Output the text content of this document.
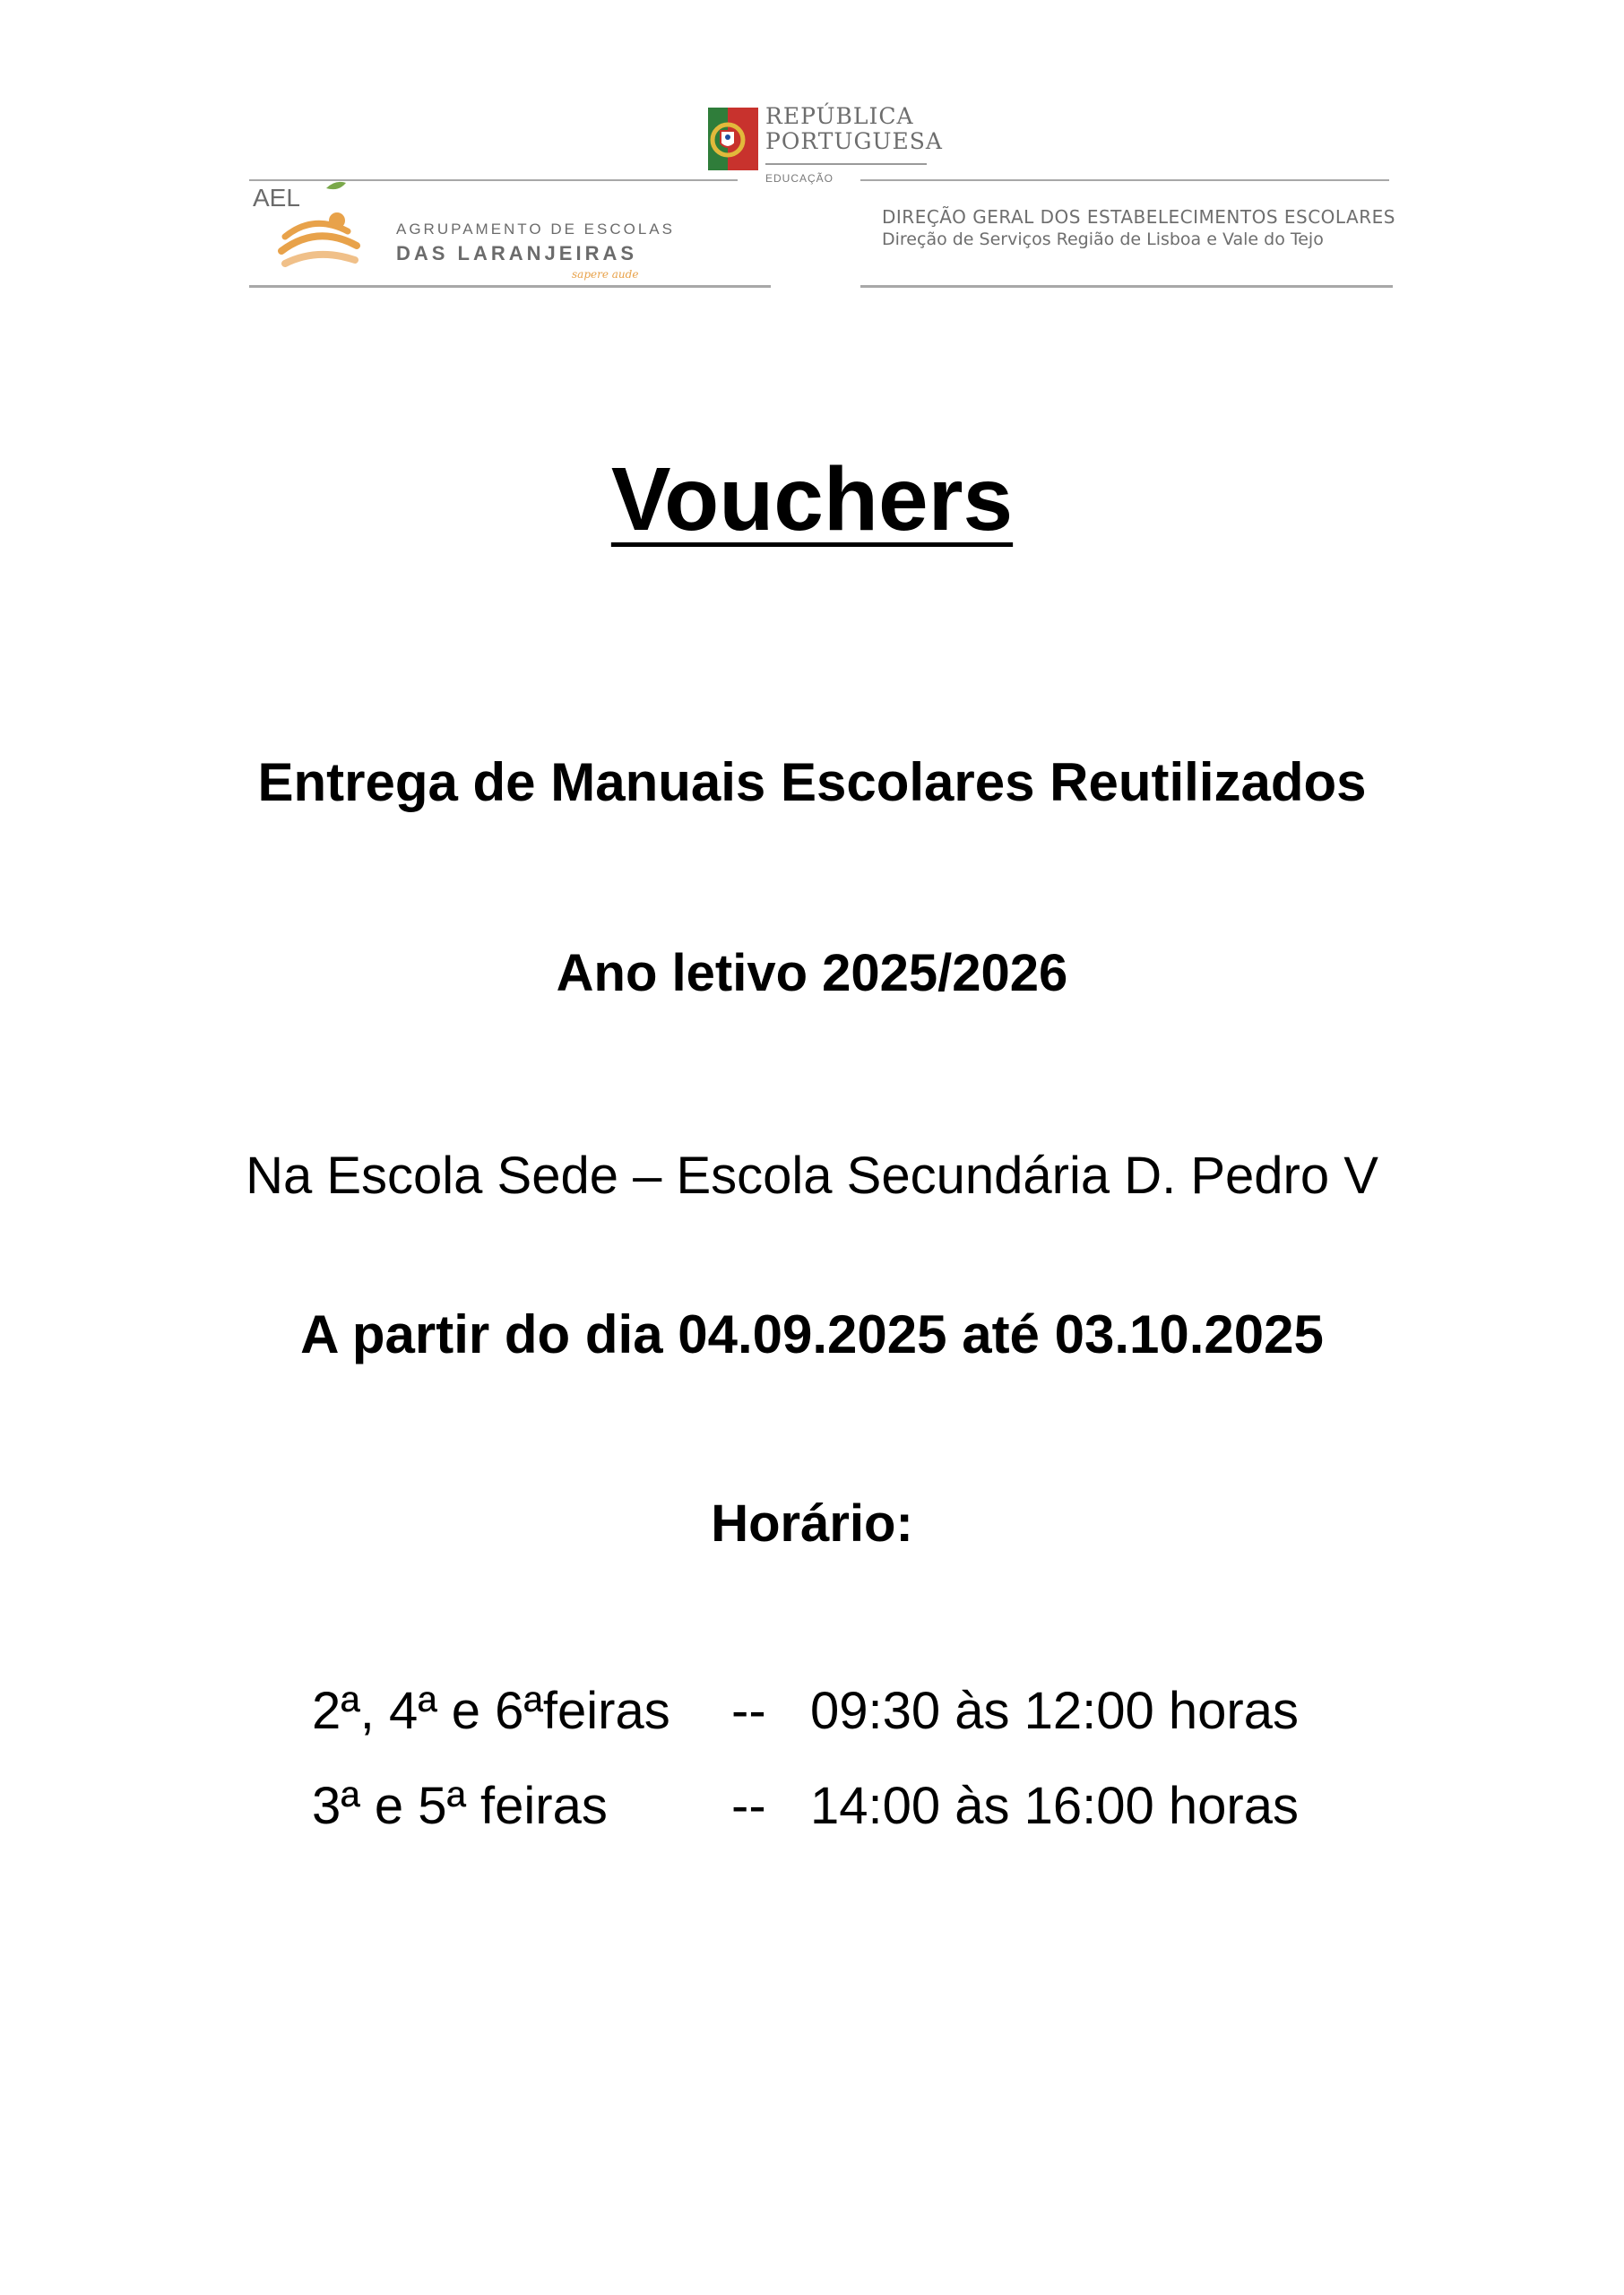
REPÚBLICA
PORTUGUESA
EDUCAÇÃO
AEL
AGRUPAMENTO DE ESCOLAS
DAS LARANJEIRAS
sapere aude
DIREÇÃO GERAL DOS ESTABELECIMENTOS ESCOLARES
Direção de Serviços Região de Lisboa e Vale do Tejo
Vouchers
Entrega de Manuais Escolares Reutilizados
Ano letivo 2025/2026
Na Escola Sede – Escola Secundária D. Pedro V
A partir do dia 04.09.2025 até 03.10.2025
Horário:
2ª, 4ª e 6ªfeiras -- 09:30 às 12:00 horas
3ª e 5ª feiras -- 14:00 às 16:00 horas
